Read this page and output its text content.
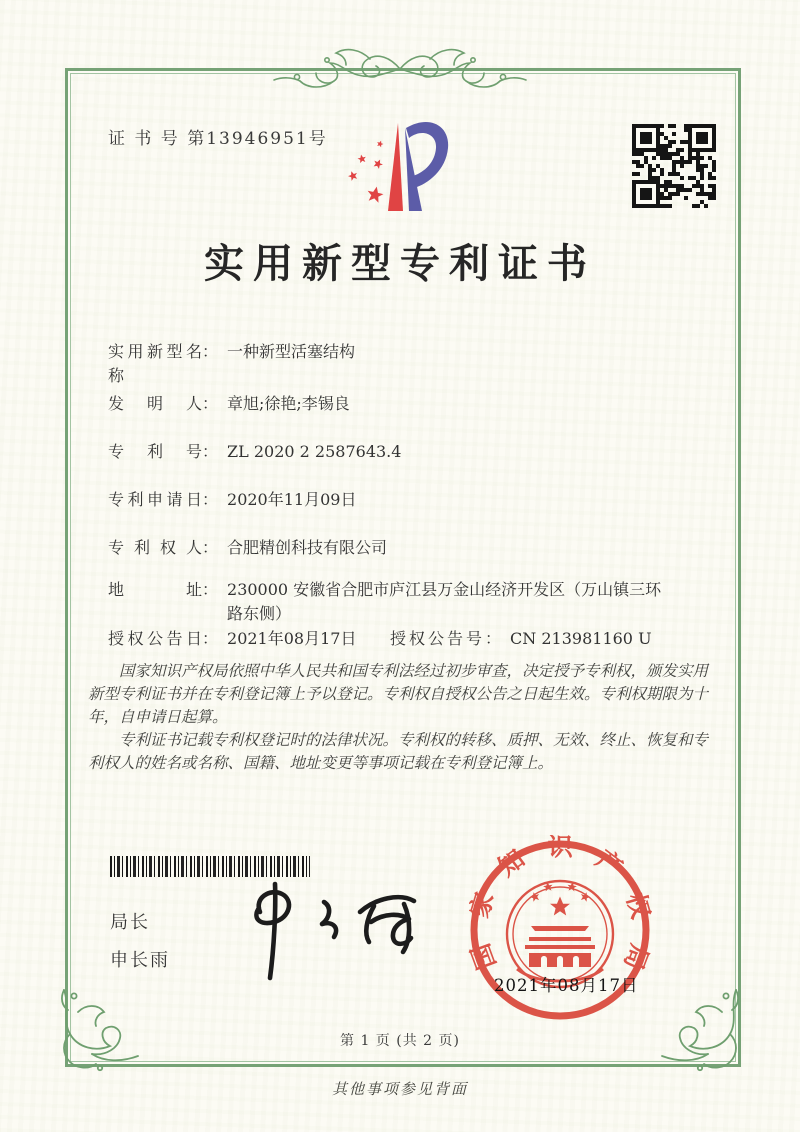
证 书 号 第13946951号
实用新型专利证书
实用新型名称
： 一种新型活塞结构
发明人 ： 章旭;徐艳;李锡良
专利号 ： ZL 2020 2 2587643.4
专利申请日 ： 2020年11月09日
专利权人 ： 合肥精创科技有限公司
地址 ： 230000 安徽省合肥市庐江县万金山经济开发区（万山镇三环路东侧）
授权公告日 ： 2021年08月17日 授权公告号 ： CN 213981160 U

国家知识产权局依照中华人民共和国专利法经过初步审查，决定授予专利权，颁发实用新型专利证书并在专利登记簿上予以登记。专利权自授权公告之日起生效。专利权期限为十年，自申请日起算。

专利证书记载专利权登记时的法律状况。专利权的转移、质押、无效、终止、恢复和专利权人的姓名或名称、国籍、地址变更等事项记载在专利登记簿上。

局长
申长雨	国家知识产权局
2021年08月17日
第 1 页 (共 2 页)
其他事项参见背面
